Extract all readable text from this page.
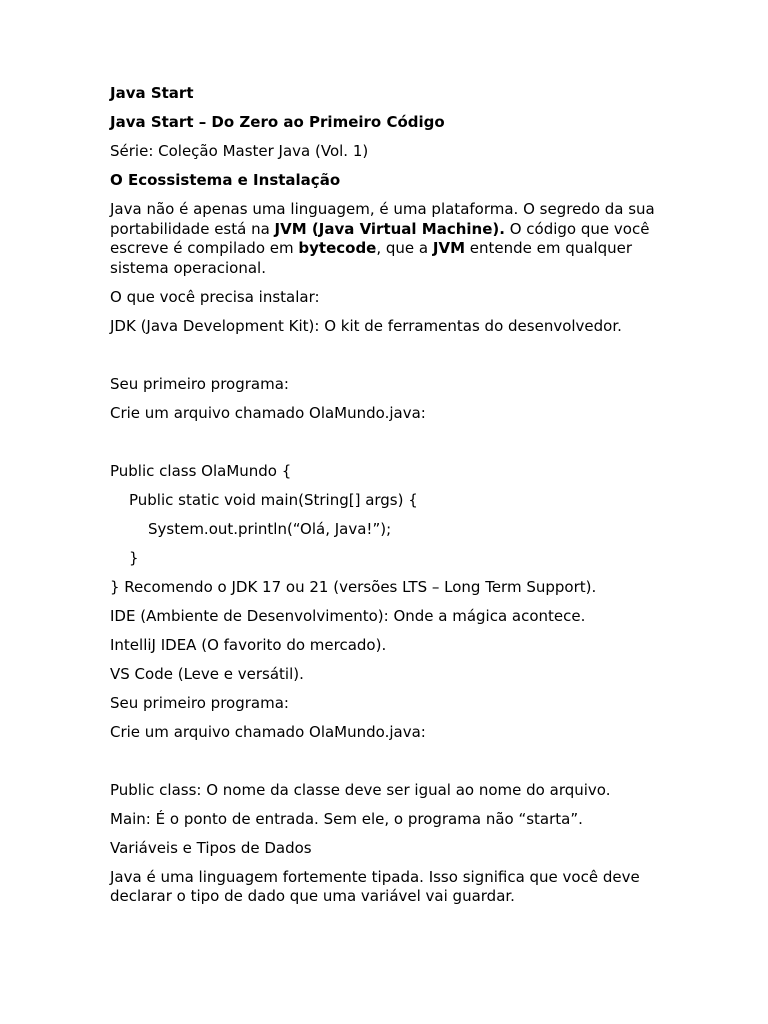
Java Start

Java Start – Do Zero ao Primeiro Código

Série: Coleção Master Java (Vol. 1)

O Ecossistema e Instalação

Java não é apenas uma linguagem, é uma plataforma. O segredo da sua portabilidade está na JVM (Java Virtual Machine). O código que você escreve é compilado em bytecode, que a JVM entende em qualquer sistema operacional.

O que você precisa instalar:

JDK (Java Development Kit): O kit de ferramentas do desenvolvedor.

Seu primeiro programa:

Crie um arquivo chamado OlaMundo.java:

Public class OlaMundo {

Public static void main(String[] args) {

System.out.println(“Olá, Java!”);

}

} Recomendo o JDK 17 ou 21 (versões LTS – Long Term Support).

IDE (Ambiente de Desenvolvimento): Onde a mágica acontece.

IntelliJ IDEA (O favorito do mercado).

VS Code (Leve e versátil).

Seu primeiro programa:

Crie um arquivo chamado OlaMundo.java:

Public class: O nome da classe deve ser igual ao nome do arquivo.

Main: É o ponto de entrada. Sem ele, o programa não “starta”.

Variáveis e Tipos de Dados

Java é uma linguagem fortemente tipada. Isso significa que você deve declarar o tipo de dado que uma variável vai guardar.
